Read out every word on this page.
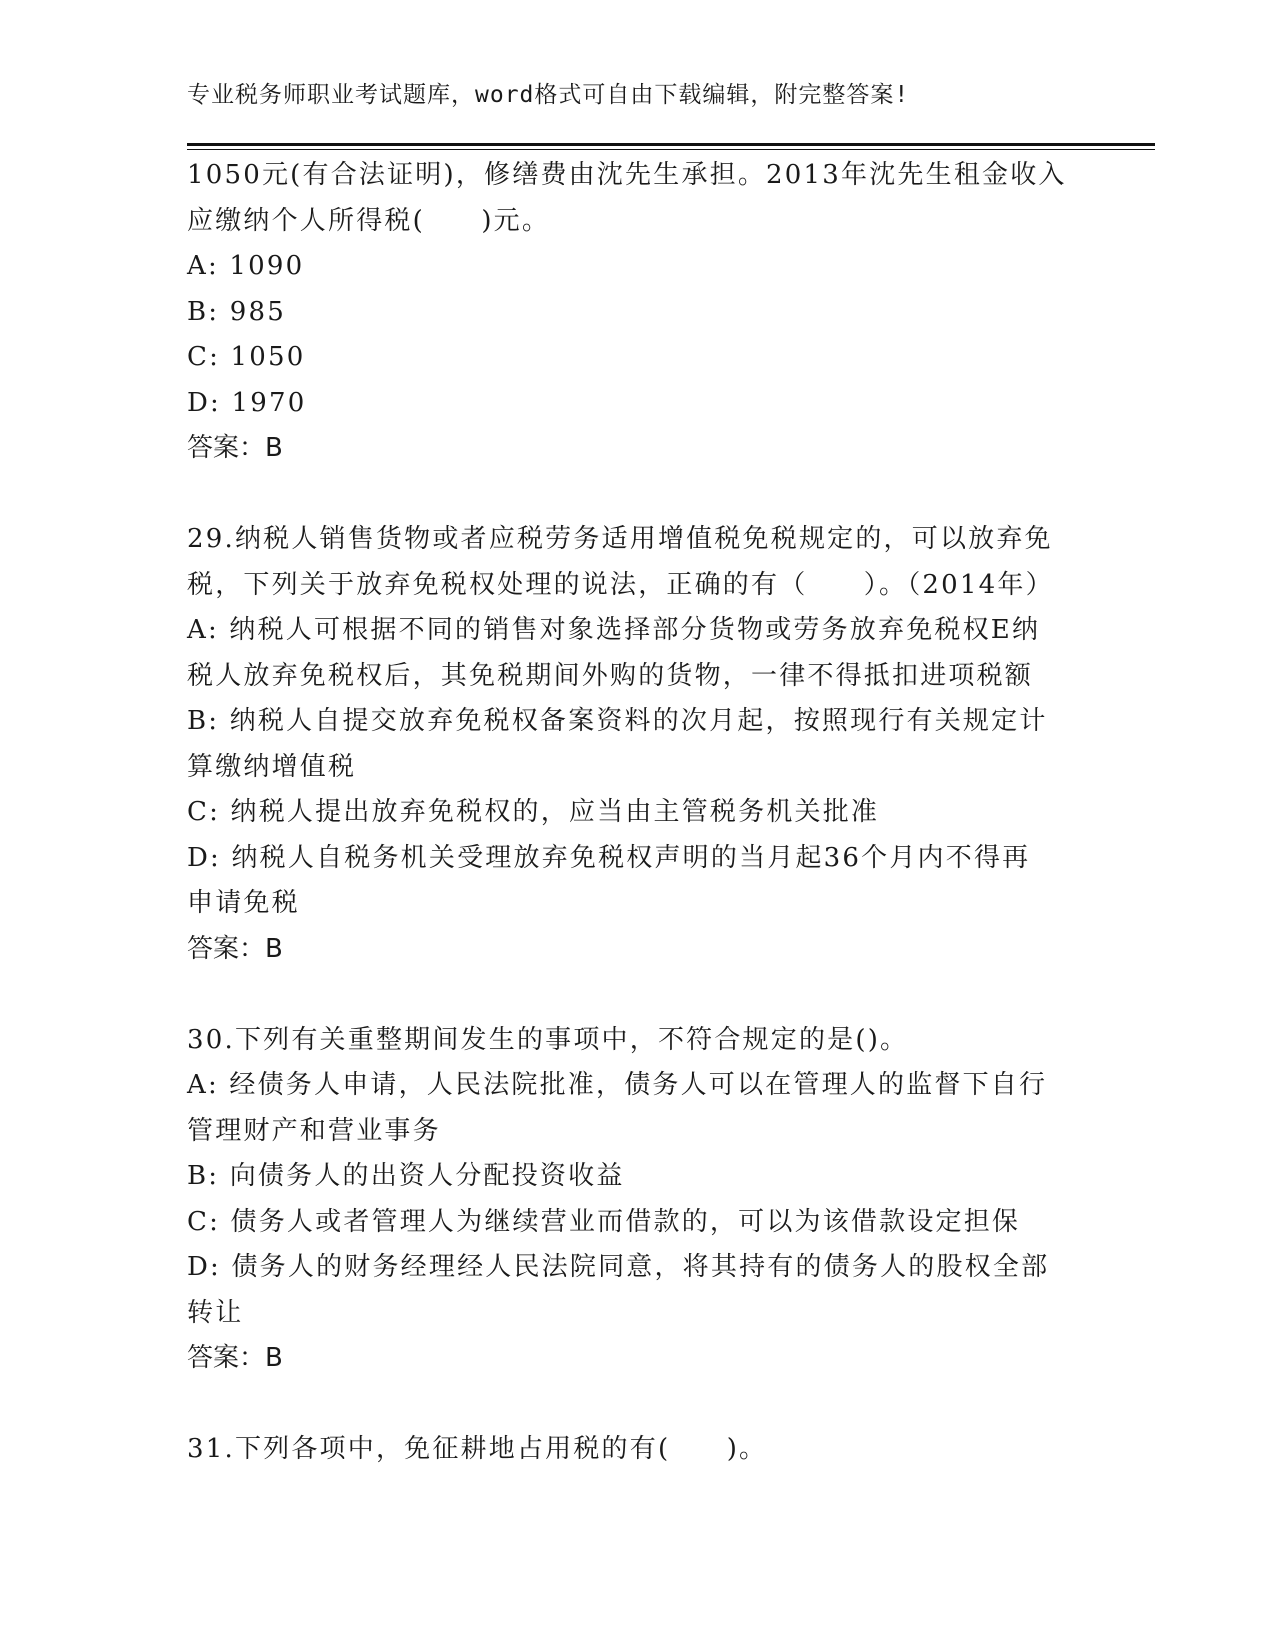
专业税务师职业考试题库，word格式可自由下载编辑，附完整答案!
1050元(有合法证明)，修缮费由沈先生承担。2013年沈先生租金收入
应缴纳个人所得税(　　)元。
A: 1090
B: 985
C: 1050
D: 1970
答案：B
29.纳税人销售货物或者应税劳务适用增值税免税规定的，可以放弃免
税，下列关于放弃免税权处理的说法，正确的有（　　）。（2014年）
A: 纳税人可根据不同的销售对象选择部分货物或劳务放弃免税权E纳
税人放弃免税权后，其免税期间外购的货物，一律不得抵扣进项税额
B: 纳税人自提交放弃免税权备案资料的次月起，按照现行有关规定计
算缴纳增值税
C: 纳税人提出放弃免税权的，应当由主管税务机关批准
D: 纳税人自税务机关受理放弃免税权声明的当月起36个月内不得再
申请免税
答案：B
30.下列有关重整期间发生的事项中，不符合规定的是()。
A: 经债务人申请，人民法院批准，债务人可以在管理人的监督下自行
管理财产和营业事务
B: 向债务人的出资人分配投资收益
C: 债务人或者管理人为继续营业而借款的，可以为该借款设定担保
D: 债务人的财务经理经人民法院同意，将其持有的债务人的股权全部
转让
答案：B
31.下列各项中，免征耕地占用税的有(　　)。
